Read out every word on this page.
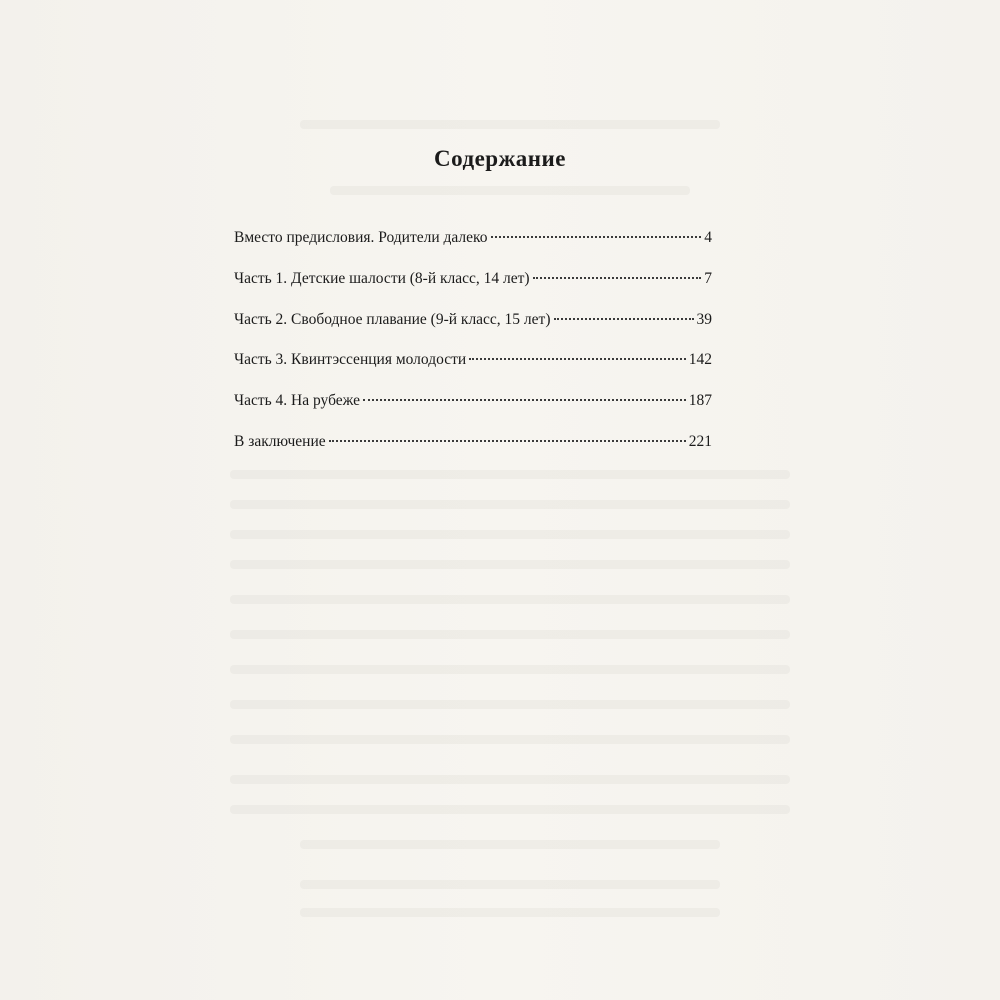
Содержание
Вместо предисловия. Родители далеко	4
Часть 1. Детские шалости (8-й класс, 14 лет)	7
Часть 2. Свободное плавание (9-й класс, 15 лет)	39
Часть 3. Квинтэссенция молодости	142
Часть 4. На рубеже	187
В заключение	221
